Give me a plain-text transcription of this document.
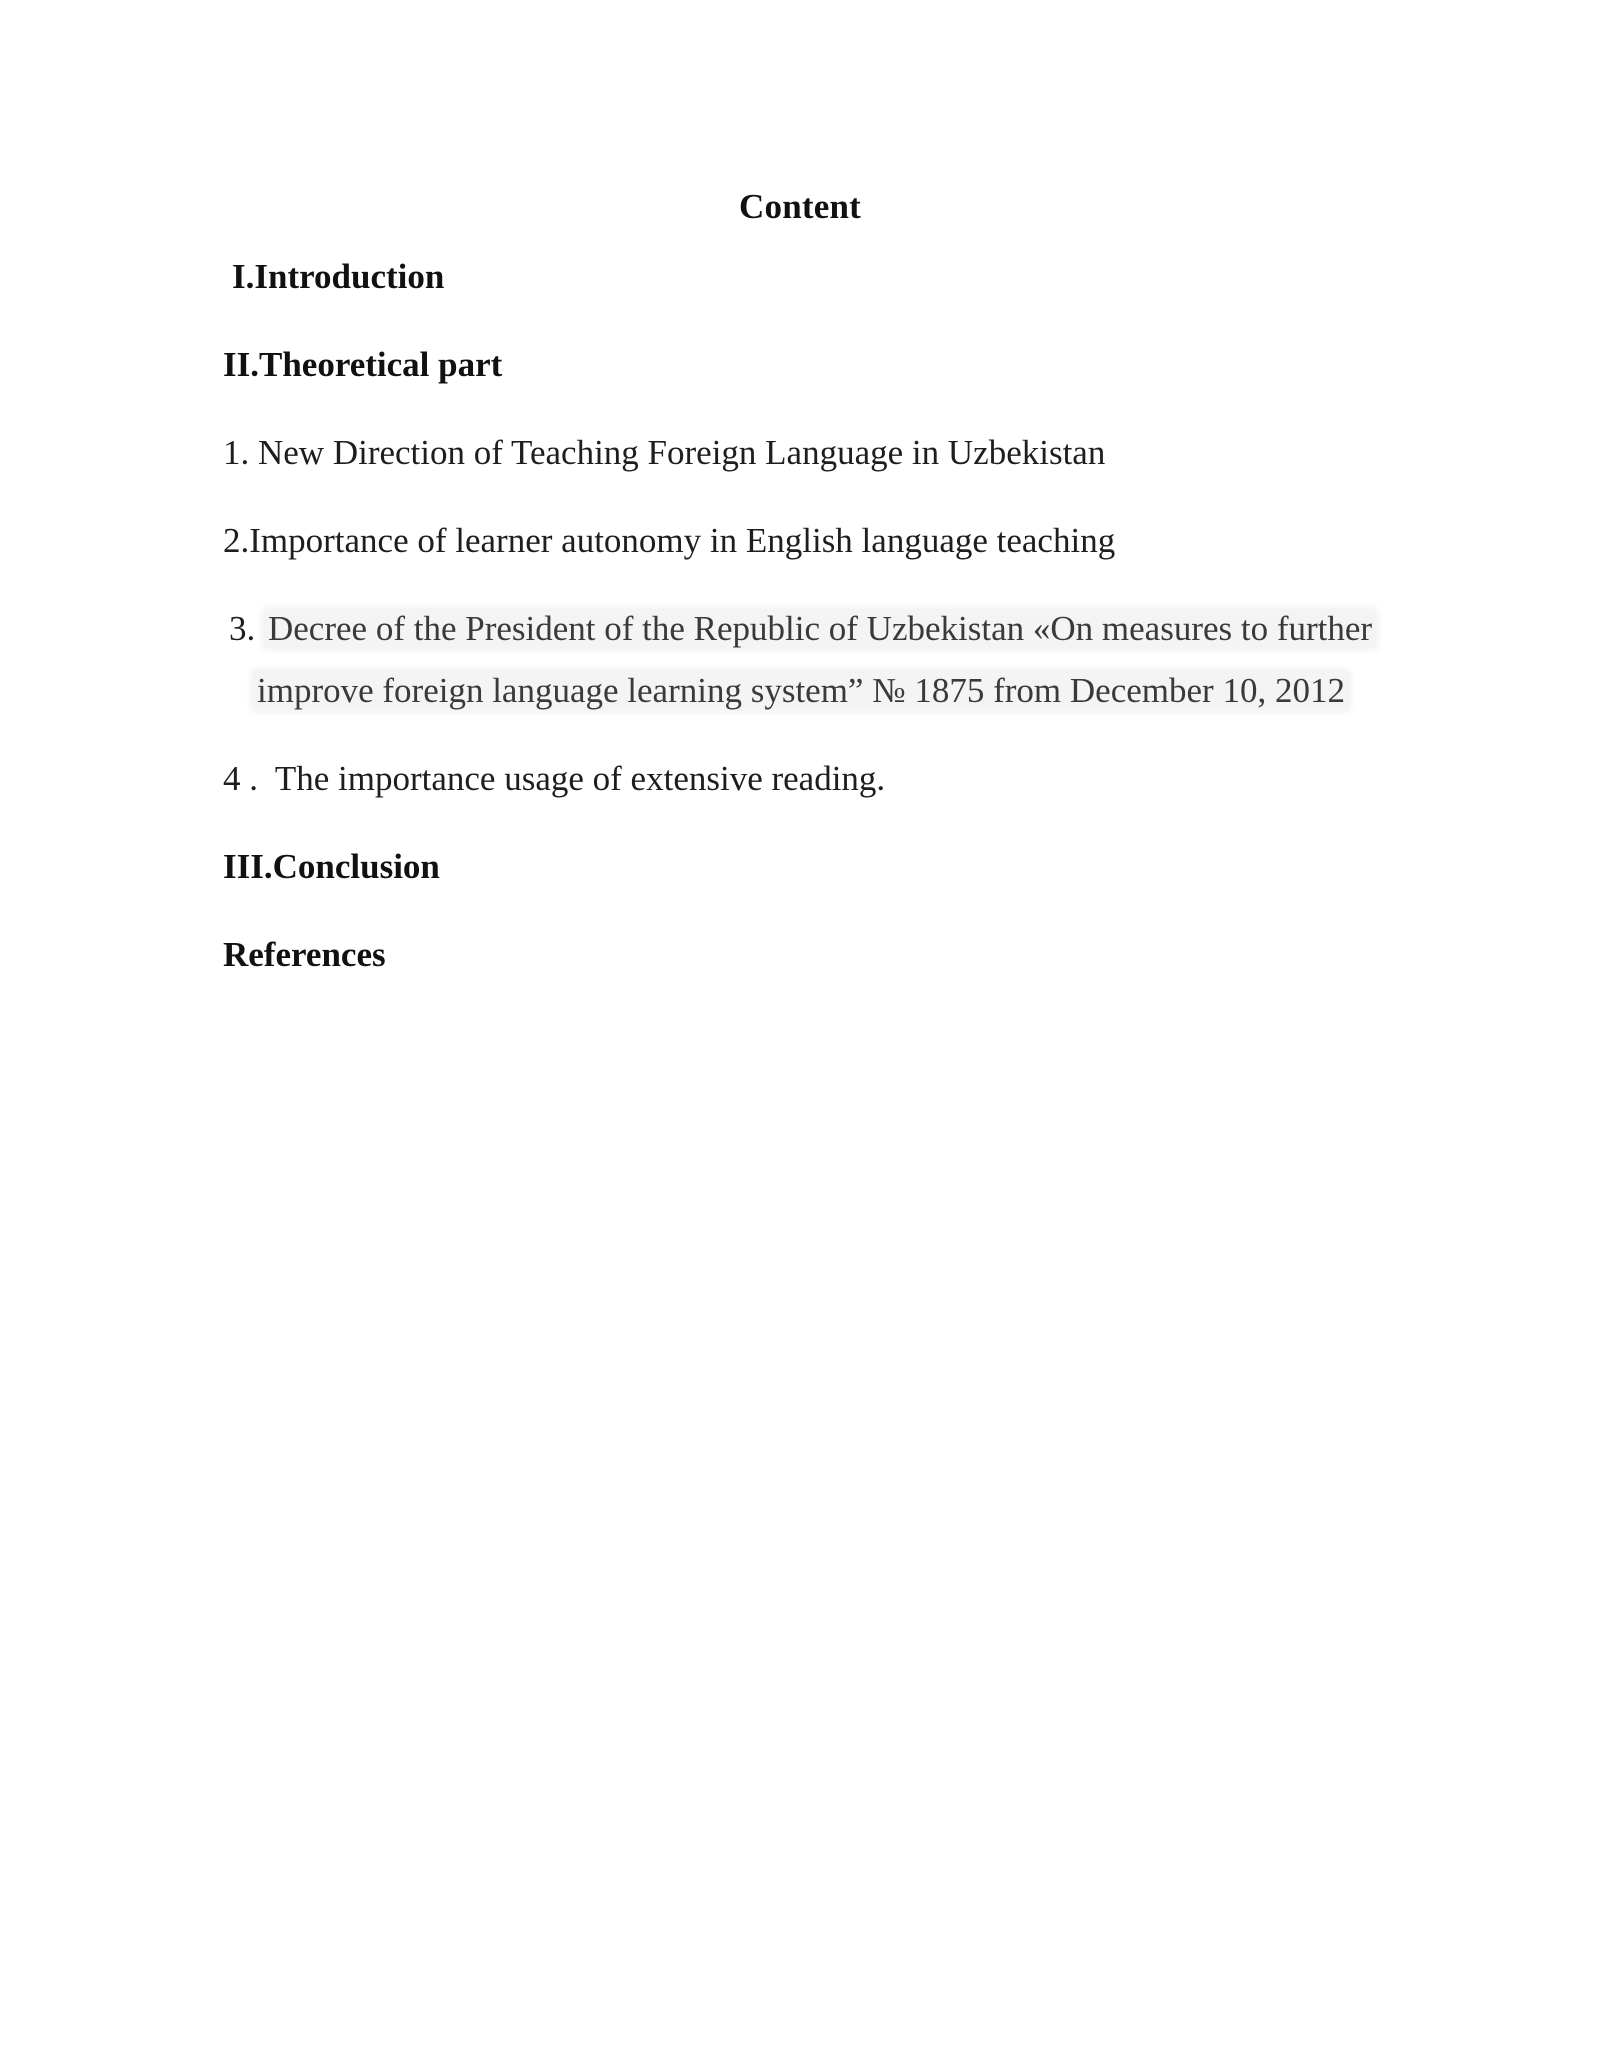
Content

I.Introduction

II.Theoretical part

1. New Direction of Teaching Foreign Language in Uzbekistan

2.Importance of learner autonomy in English language teaching

3. Decree of the President of the Republic of Uzbekistan «On measures to further

improve foreign language learning system” № 1875 from December 10, 2012

4 .  The importance usage of extensive reading.

III.Conclusion

References
